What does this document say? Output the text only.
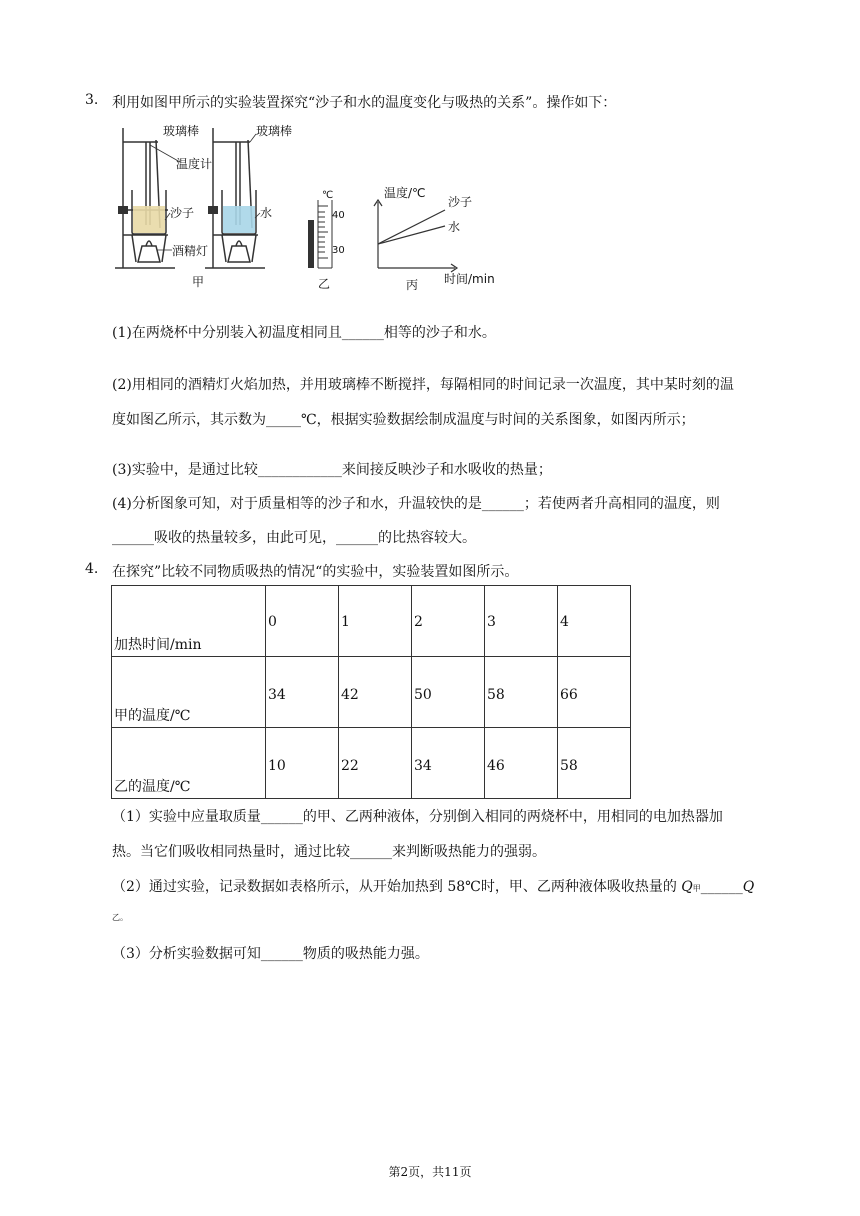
3. 利用如图甲所示的实验装置探究“沙子和水的温度变化与吸热的关系”。操作如下：
玻璃棒	玻璃棒
温度计
沙子	水
酒精灯
甲	乙	丙
℃
40
30
温度/℃
时间/min
沙子
水
(1)在两烧杯中分别装入初温度相同且______相等的沙子和水。
(2)用相同的酒精灯火焰加热，并用玻璃棒不断搅拌，每隔相同的时间记录一次温度，其中某时刻的温
度如图乙所示，其示数为_____℃，根据实验数据绘制成温度与时间的关系图象，如图丙所示；
(3)实验中，是通过比较____________来间接反映沙子和水吸收的热量；
(4)分析图象可知，对于质量相等的沙子和水，升温较快的是______；若使两者升高相同的温度，则
______吸收的热量较多，由此可见，______的比热容较大。
4. 在探究”比较不同物质吸热的情况“的实验中，实验装置如图所示。
加热时间/min	0	1	2	3	4

甲的温度/℃	34	42	50	58	66

乙的温度/℃	10	22	34	46	58
（1）实验中应量取质量______的甲、乙两种液体，分别倒入相同的两烧杯中，用相同的电加热器加
热。当它们吸收相同热量时，通过比较______来判断吸热能力的强弱。
（2）通过实验，记录数据如表格所示，从开始加热到 58℃时，甲、乙两种液体吸收热量的 Q甲______Q
乙。
（3）分析实验数据可知______物质的吸热能力强。
第2页，共11页
